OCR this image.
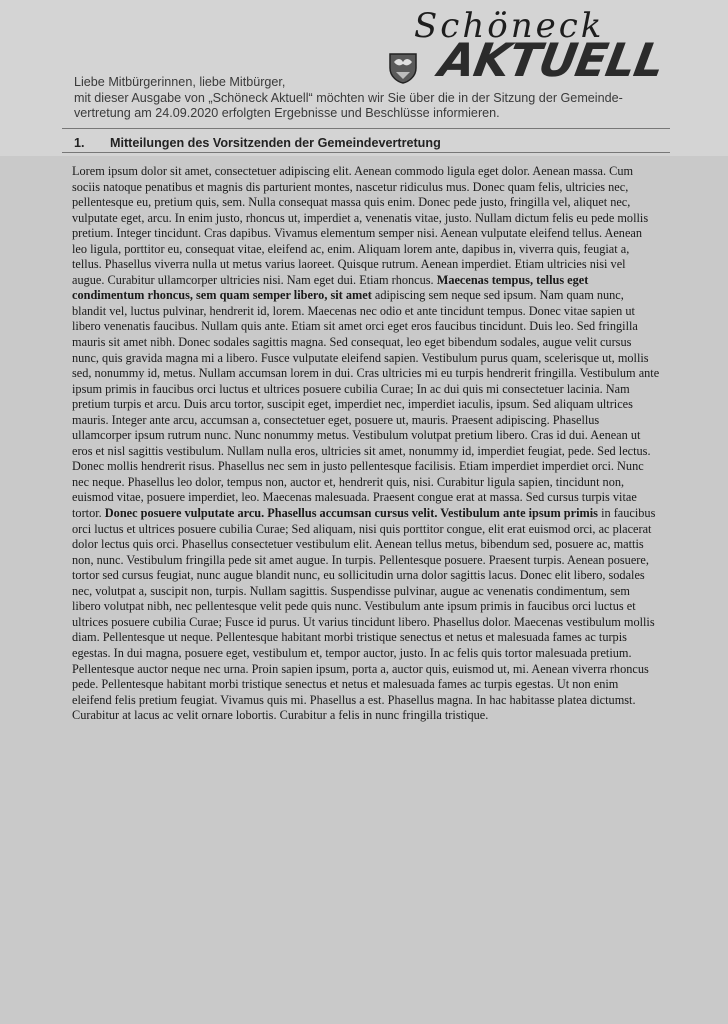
Schöneck
AKTUELL
Liebe Mitbürgerinnen, liebe Mitbürger,
mit dieser Ausgabe von „Schöneck Aktuell“ möchten wir Sie über die in der Sitzung der Gemeinde-
vertretung am 24.09.2020 erfolgten Ergebnisse und Beschlüsse informieren.
1. Mitteilungen des Vorsitzenden der Gemeindevertretung
Lorem ipsum dolor sit amet, consectetuer adipiscing elit. Aenean commodo ligula eget dolor. Aenean massa. Cum sociis natoque penatibus et magnis dis parturient montes, nascetur ridiculus mus. Donec quam felis, ultricies nec, pellentesque eu, pretium quis, sem. Nulla consequat massa quis enim. Donec pede justo, fringilla vel, aliquet nec, vulputate eget, arcu. In enim justo, rhoncus ut, imperdiet a, venenatis vitae, justo. Nullam dictum felis eu pede mollis pretium. Integer tincidunt. Cras dapibus. Vivamus elementum semper nisi. Aenean vulputate eleifend tellus. Aenean leo ligula, porttitor eu, consequat vitae, eleifend ac, enim. Aliquam lorem ante, dapibus in, viverra quis, feugiat a, tellus. Phasellus viverra nulla ut metus varius laoreet. Quisque rutrum. Aenean imperdiet. Etiam ultricies nisi vel augue. Curabitur ullamcorper ultricies nisi. Nam eget dui. Etiam rhoncus. Maecenas tempus, tellus eget condimentum rhoncus, sem quam semper libero, sit amet adipiscing sem neque sed ipsum. Nam quam nunc, blandit vel, luctus pulvinar, hendrerit id, lorem. Maecenas nec odio et ante tincidunt tempus. Donec vitae sapien ut libero venenatis faucibus. Nullam quis ante. Etiam sit amet orci eget eros faucibus tincidunt. Duis leo. Sed fringilla mauris sit amet nibh. Donec sodales sagittis magna. Sed consequat, leo eget bibendum sodales, augue velit cursus nunc, quis gravida magna mi a libero. Fusce vulputate eleifend sapien. Vestibulum purus quam, scelerisque ut, mollis sed, nonummy id, metus. Nullam accumsan lorem in dui. Cras ultricies mi eu turpis hendrerit fringilla. Vestibulum ante ipsum primis in faucibus orci luctus et ultrices posuere cubilia Curae; In ac dui quis mi consectetuer lacinia. Nam pretium turpis et arcu. Duis arcu tortor, suscipit eget, imperdiet nec, imperdiet iaculis, ipsum. Sed aliquam ultrices mauris. Integer ante arcu, accumsan a, consectetuer eget, posuere ut, mauris. Praesent adipiscing. Phasellus ullamcorper ipsum rutrum nunc. Nunc nonummy metus. Vestibulum volutpat pretium libero. Cras id dui. Aenean ut eros et nisl sagittis vestibulum. Nullam nulla eros, ultricies sit amet, nonummy id, imperdiet feugiat, pede. Sed lectus. Donec mollis hendrerit risus. Phasellus nec sem in justo pellentesque facilisis. Etiam imperdiet imperdiet orci. Nunc nec neque. Phasellus leo dolor, tempus non, auctor et, hendrerit quis, nisi. Curabitur ligula sapien, tincidunt non, euismod vitae, posuere imperdiet, leo. Maecenas malesuada. Praesent congue erat at massa. Sed cursus turpis vitae tortor. Donec posuere vulputate arcu. Phasellus accumsan cursus velit. Vestibulum ante ipsum primis in faucibus orci luctus et ultrices posuere cubilia Curae; Sed aliquam, nisi quis porttitor congue, elit erat euismod orci, ac placerat dolor lectus quis orci. Phasellus consectetuer vestibulum elit. Aenean tellus metus, bibendum sed, posuere ac, mattis non, nunc. Vestibulum fringilla pede sit amet augue. In turpis. Pellentesque posuere. Praesent turpis. Aenean posuere, tortor sed cursus feugiat, nunc augue blandit nunc, eu sollicitudin urna dolor sagittis lacus. Donec elit libero, sodales nec, volutpat a, suscipit non, turpis. Nullam sagittis. Suspendisse pulvinar, augue ac venenatis condimentum, sem libero volutpat nibh, nec pellentesque velit pede quis nunc. Vestibulum ante ipsum primis in faucibus orci luctus et ultrices posuere cubilia Curae; Fusce id purus. Ut varius tincidunt libero. Phasellus dolor. Maecenas vestibulum mollis diam. Pellentesque ut neque. Pellentesque habitant morbi tristique senectus et netus et malesuada fames ac turpis egestas. In dui magna, posuere eget, vestibulum et, tempor auctor, justo. In ac felis quis tortor malesuada pretium. Pellentesque auctor neque nec urna. Proin sapien ipsum, porta a, auctor quis, euismod ut, mi. Aenean viverra rhoncus pede. Pellentesque habitant morbi tristique senectus et netus et malesuada fames ac turpis egestas. Ut non enim eleifend felis pretium feugiat. Vivamus quis mi. Phasellus a est. Phasellus magna. In hac habitasse platea dictumst. Curabitur at lacus ac velit ornare lobortis. Curabitur a felis in nunc fringilla tristique.
